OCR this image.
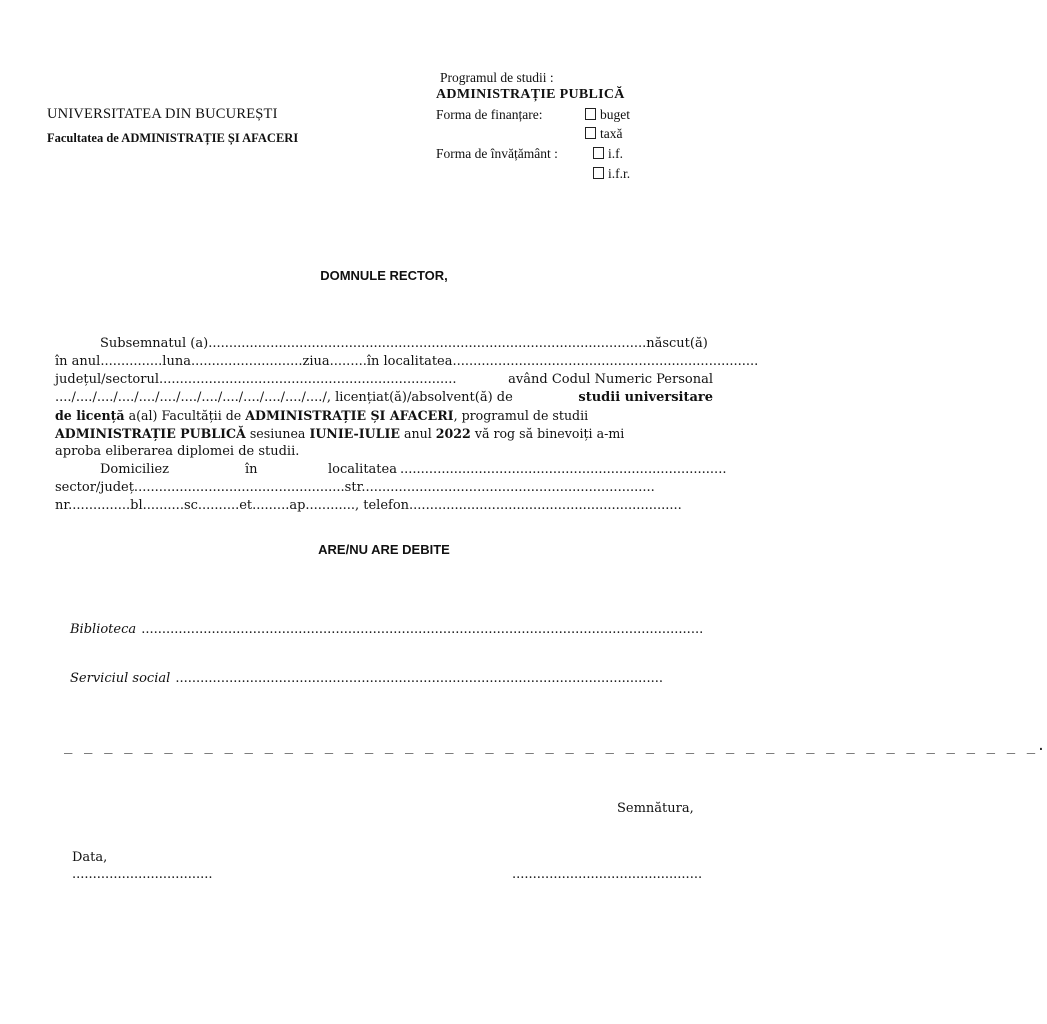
UNIVERSITATEA DIN BUCUREȘTI
Facultatea de ADMINISTRAȚIE ȘI AFACERI
Programul de studii :
ADMINISTRAȚIE PUBLICĂ
Forma de finanțare:	buget
taxă
Forma de învățământ :	i.f.
i.f.r.
DOMNULE RECTOR,
Subsemnatul (a)..........................................................................................................născut(ă)
în anul...............luna...........................ziua.........în localitatea..........................................................................
județul/sectorul........................................................................	având Codul Numeric Personal
..../..../..../..../..../..../..../..../..../..../..../..../..../, licențiat(ă)/absolvent(ă) de	studii universitare
de licență a(al) Facultății de ADMINISTRAȚIE ȘI AFACERI, programul de studii
ADMINISTRAȚIE PUBLICĂ sesiunea IUNIE-IULIE anul 2022 vă rog să binevoiți a-mi
aproba eliberarea diplomei de studii.
Domiciliez	în	localitatea ...............................................................................
sector/județ...................................................str.......................................................................
nr...............bl..........sc..........et.........ap............, telefon..................................................................
ARE/NU ARE DEBITE
Biblioteca ........................................................................................................................................
Serviciul social ......................................................................................................................
_ _ _ _ _ _ _ _ _ _ _ _ _ _ _ _ _ _ _ _ _ _ _ _ _ _ _ _ _ _ _ _ _ _ _ _ _ _ _ _ _ _ _ _ _ _ _ _ _.
Semnătura,
Data,
..................................	..............................................
